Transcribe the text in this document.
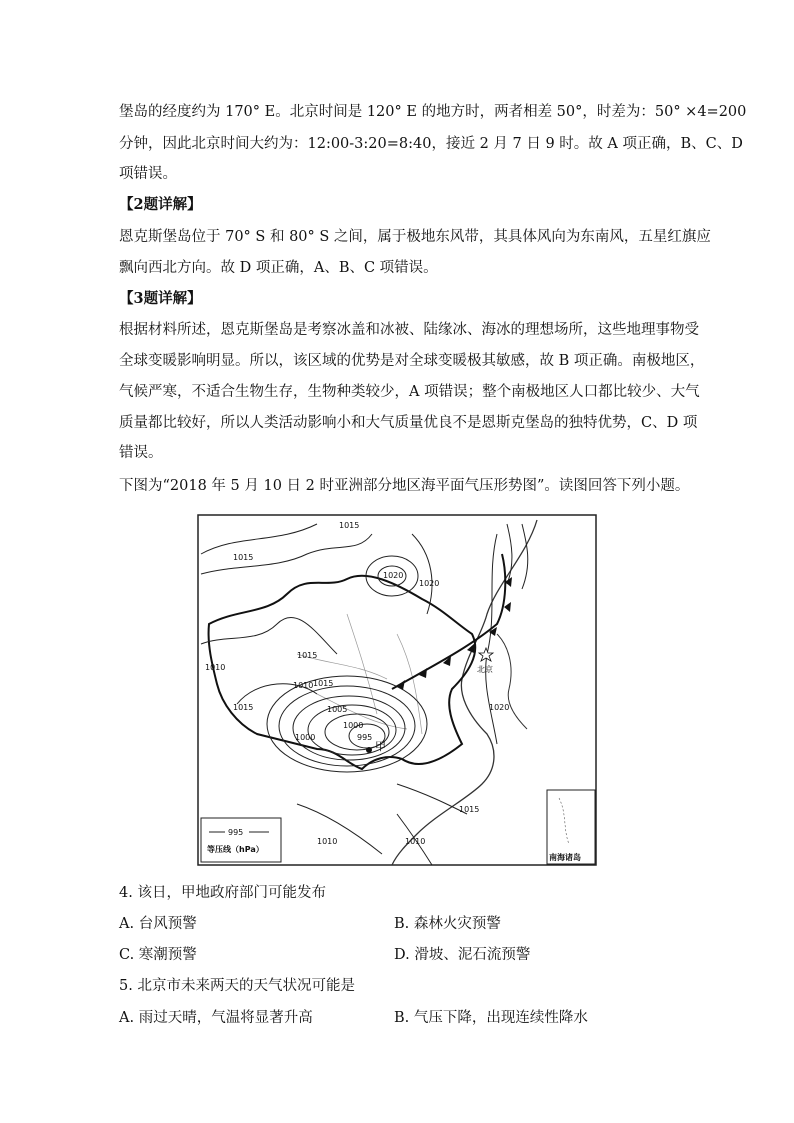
堡岛的经度约为 170° E。北京时间是 120° E 的地方时，两者相差 50°，时差为：50° ×4=200
分钟，因此北京时间大约为：12:00-3:20=8:40，接近 2 月 7 日 9 时。故 A 项正确，B、C、D
项错误。
【2题详解】
恩克斯堡岛位于 70° S 和 80° S 之间，属于极地东风带，其具体风向为东南风，五星红旗应
飘向西北方向。故 D 项正确，A、B、C 项错误。
【3题详解】
根据材料所述，恩克斯堡岛是考察冰盖和冰被、陆缘冰、海冰的理想场所，这些地理事物受
全球变暖影响明显。所以，该区域的优势是对全球变暖极其敏感，故 B 项正确。南极地区，
气候严寒，不适合生物生存，生物种类较少，A 项错误；整个南极地区人口都比较少、大气
质量都比较好，所以人类活动影响小和大气质量优良不是恩斯克堡岛的独特优势，C、D 项
错误。
下图为“2018 年 5 月 10 日 2 时亚洲部分地区海平面气压形势图”。读图回答下列小题。
北京
甲
1015
1015
1020
1020
1010
1015
1015
1010 1015
1005
1000
1000
995
1020
1015
1010	1010
995
等压线（hPa）
南海诸岛
4. 该日，甲地政府部门可能发布
A. 台风预警	B. 森林火灾预警
C. 寒潮预警	D. 滑坡、泥石流预警
5. 北京市未来两天的天气状况可能是
A. 雨过天晴，气温将显著升高	B. 气压下降，出现连续性降水
